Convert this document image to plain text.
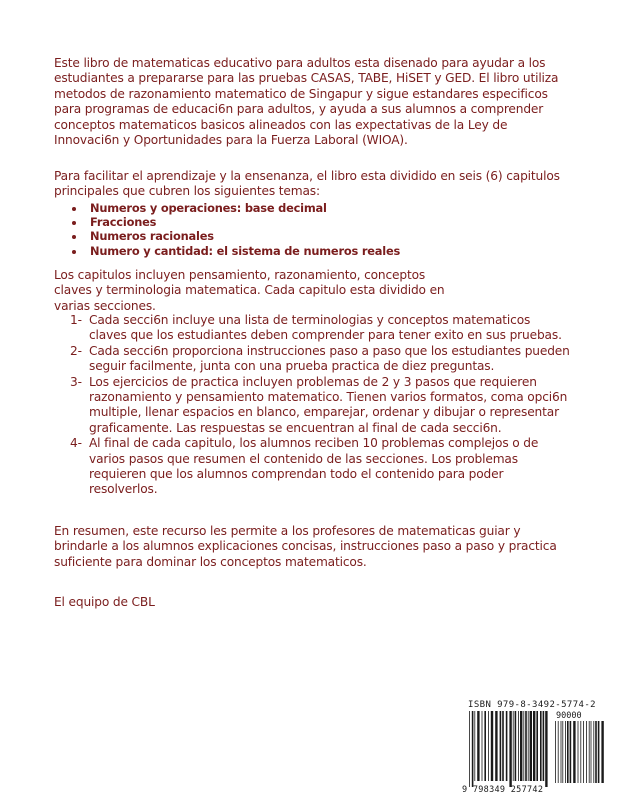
Este libro de matematicas educativo para adultos esta disenado para ayudar a los estudiantes a prepararse para las pruebas CASAS, TABE, HiSET y GED. El libro utiliza metodos de razonamiento matematico de Singapur y sigue estandares especificos para programas de educaci6n para adultos, y ayuda a sus alumnos a comprender conceptos matematicos basicos alineados con las expectativas de la Ley de Innovaci6n y Oportunidades para la Fuerza Laboral (WIOA).

Para facilitar el aprendizaje y la ensenanza, el libro esta dividido en seis (6) capitulos principales que cubren los siguientes temas:

Numeros y operaciones: base decimal
Fracciones
Numeros racionales
Numero y cantidad: el sistema de numeros reales

Los capitulos incluyen pensamiento, razonamiento, conceptos claves y terminologia matematica. Cada capitulo esta dividido en varias secciones.

1- Cada secci6n incluye una lista de terminologias y conceptos matematicos claves que los estudiantes deben comprender para tener exito en sus pruebas.
2- Cada secci6n proporciona instrucciones paso a paso que los estudiantes pueden seguir facilmente, junta con una prueba practica de diez preguntas.
3- Los ejercicios de practica incluyen problemas de 2 y 3 pasos que requieren razonamiento y pensamiento matematico. Tienen varios formatos, coma opci6n multiple, llenar espacios en blanco, emparejar, ordenar y dibujar o representar graficamente. Las respuestas se encuentran al final de cada secci6n.
4- Al final de cada capitulo, los alumnos reciben 10 problemas complejos o de varios pasos que resumen el contenido de las secciones. Los problemas requieren que los alumnos comprendan todo el contenido para poder resolverlos.

En resumen, este recurso les permite a los profesores de matematicas guiar y brindarle a los alumnos explicaciones concisas, instrucciones paso a paso y practica suficiente para dominar los conceptos matematicos.

El equipo de CBL

ISBN 979-8-3492-5774-2
90000
9 798349 257742
